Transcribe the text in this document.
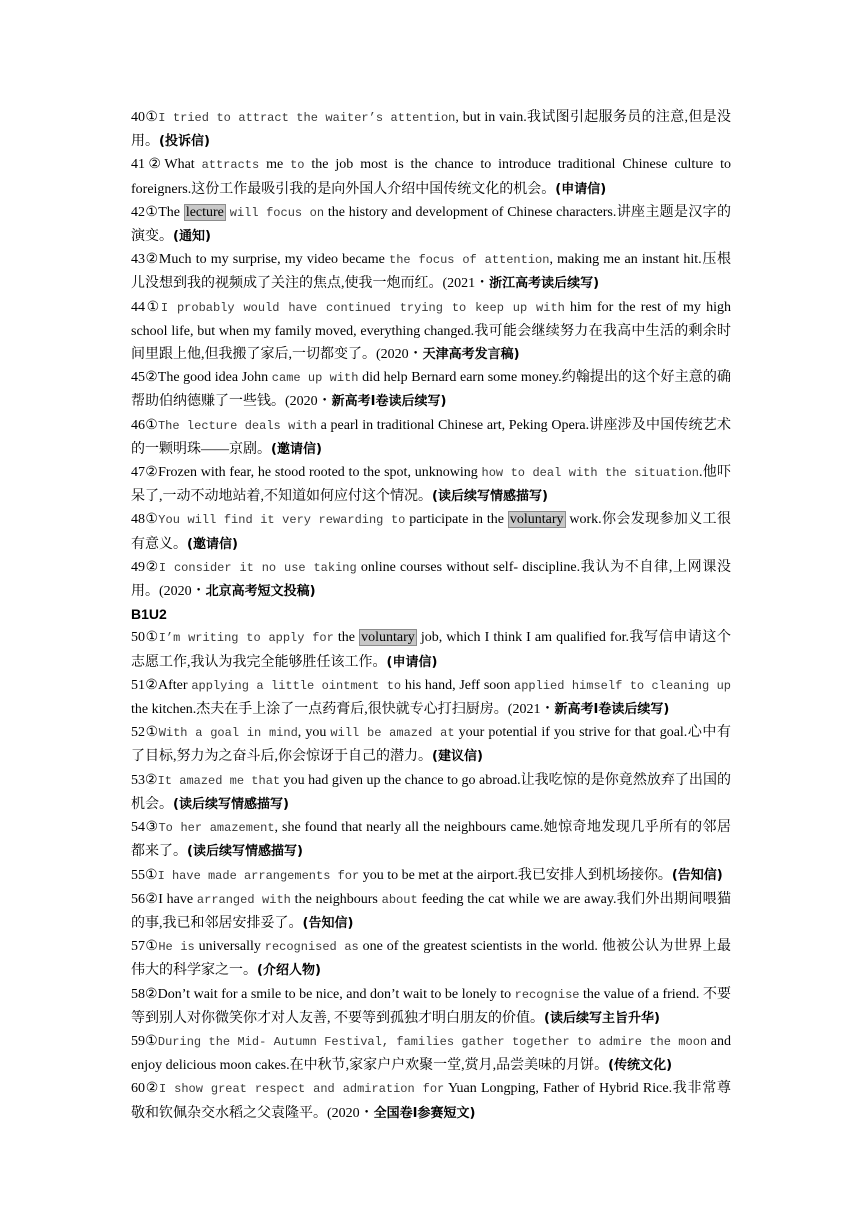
40①I tried to attract the waiter’s attention, but in vain.我试图引起服务员的注意,但是没用。(投诉信)

41②What attracts me to the job most is the chance to introduce traditional Chinese culture to foreigners.这份工作最吸引我的是向外国人介绍中国传统文化的机会。(申请信)

42①The lecture will focus on the history and development of Chinese characters.讲座主题是汉字的演变。(通知)

43②Much to my surprise, my video became the focus of attention, making me an instant hit.压根儿没想到我的视频成了关注的焦点,使我一炮而红。(2021・浙江高考读后续写)

44①I probably would have continued trying to keep up with him for the rest of my high school life, but when my family moved, everything changed.我可能会继续努力在我高中生活的剩余时间里跟上他,但我搬了家后,一切都变了。(2020・天津高考发言稿)

45②The good idea John came up with did help Bernard earn some money.约翰提出的这个好主意的确帮助伯纳德赚了一些钱。(2020・新高考Ⅰ卷读后续写)

46①The lecture deals with a pearl in traditional Chinese art, Peking Opera.讲座涉及中国传统艺术的一颗明珠——京剧。(邀请信)

47②Frozen with fear, he stood rooted to the spot, unknowing how to deal with the situation.他吓呆了,一动不动地站着,不知道如何应付这个情况。(读后续写情感描写)

48①You will find it very rewarding to participate in the voluntary work.你会发现参加义工很有意义。(邀请信)

49②I consider it no use taking online courses without self‑ discipline.我认为不自律,上网课没用。(2020・北京高考短文投稿)

B1U2

50①I’m writing to apply for the voluntary job, which I think I am qualified for.我写信申请这个志愿工作,我认为我完全能够胜任该工作。(申请信)

51②After applying a little ointment to his hand, Jeff soon applied himself to cleaning up the kitchen.杰夫在手上涂了一点药膏后,很快就专心打扫厨房。(2021・新高考Ⅰ卷读后续写)

52①With a goal in mind, you will be amazed at your potential if you strive for that goal.心中有了目标,努力为之奋斗后,你会惊讶于自己的潜力。(建议信)

53②It amazed me that you had given up the chance to go abroad.让我吃惊的是你竟然放弃了出国的机会。(读后续写情感描写)

54③To her amazement, she found that nearly all the neighbours came.她惊奇地发现几乎所有的邻居都来了。(读后续写情感描写)

55①I have made arrangements for you to be met at the airport.我已安排人到机场接你。(告知信)

56②I have arranged with the neighbours about feeding the cat while we are away.我们外出期间喂猫的事,我已和邻居安排妥了。(告知信)

57①He is universally recognised as one of the greatest scientists in the world. 他被公认为世界上最伟大的科学家之一。(介绍人物)

58②Don’t wait for a smile to be nice, and don’t wait to be lonely to recognise the value of a friend. 不要等到别人对你微笑你才对人友善, 不要等到孤独才明白朋友的价值。(读后续写主旨升华)

59①During the Mid‑ Autumn Festival, families gather together to admire the moon and enjoy delicious moon cakes.在中秋节,家家户户欢聚一堂,赏月,品尝美味的月饼。(传统文化)

60②I show great respect and admiration for Yuan Longping, Father of Hybrid Rice.我非常尊敬和钦佩杂交水稻之父袁隆平。(2020・全国卷Ⅰ参赛短文)
